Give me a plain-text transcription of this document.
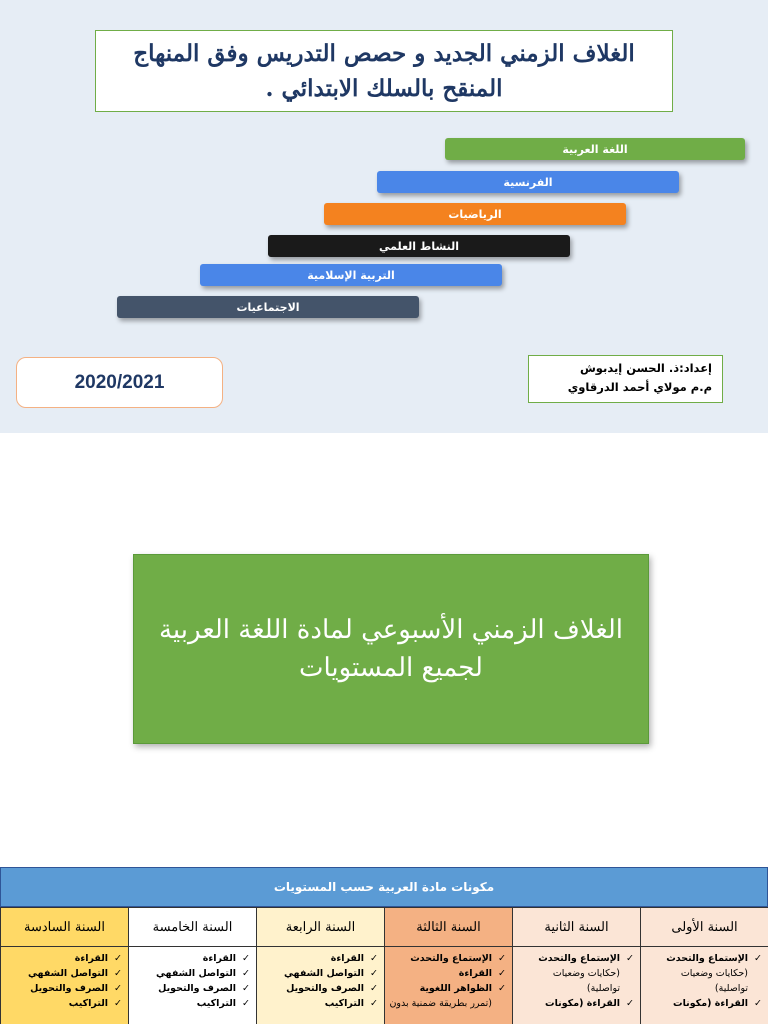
الغلاف الزمني الجديد و حصص التدريس وفق المنهاج
المنقح بالسلك الابتدائي .
اللغة العربية
الفرنسية
الرياضيات
النشاط العلمي
التربية الإسلامية
الاجتماعيات
2020/2021
إعداد:ذ. الحسن إيدبوش
م.م مولاي أحمد الدرقاوي
الغلاف الزمني الأسبوعي لمادة اللغة العربية
لجميع المستويات
مكونات مادة العربية حسب المستويات
السنة الأولى
✓الإستماع والتحدث
(حكايات وضعيات
تواصلية)
✓القراءة (مكونات
السنة الثانية
✓الإستماع والتحدث
(حكايات وضعيات
تواصلية)
✓القراءة (مكونات
السنة الثالثة
✓الإستماع والتحدث
✓القراءة
✓الظواهر اللغوية
(تمرر بطريقة ضمنية بدون
السنة الرابعة
✓القراءة
✓التواصل الشفهي
✓الصرف والتحويل
✓التراكيب
السنة الخامسة
✓القراءة
✓التواصل الشفهي
✓الصرف والتحويل
✓التراكيب
السنة السادسة
✓القراءة
✓التواصل الشفهي
✓الصرف والتحويل
✓التراكيب
